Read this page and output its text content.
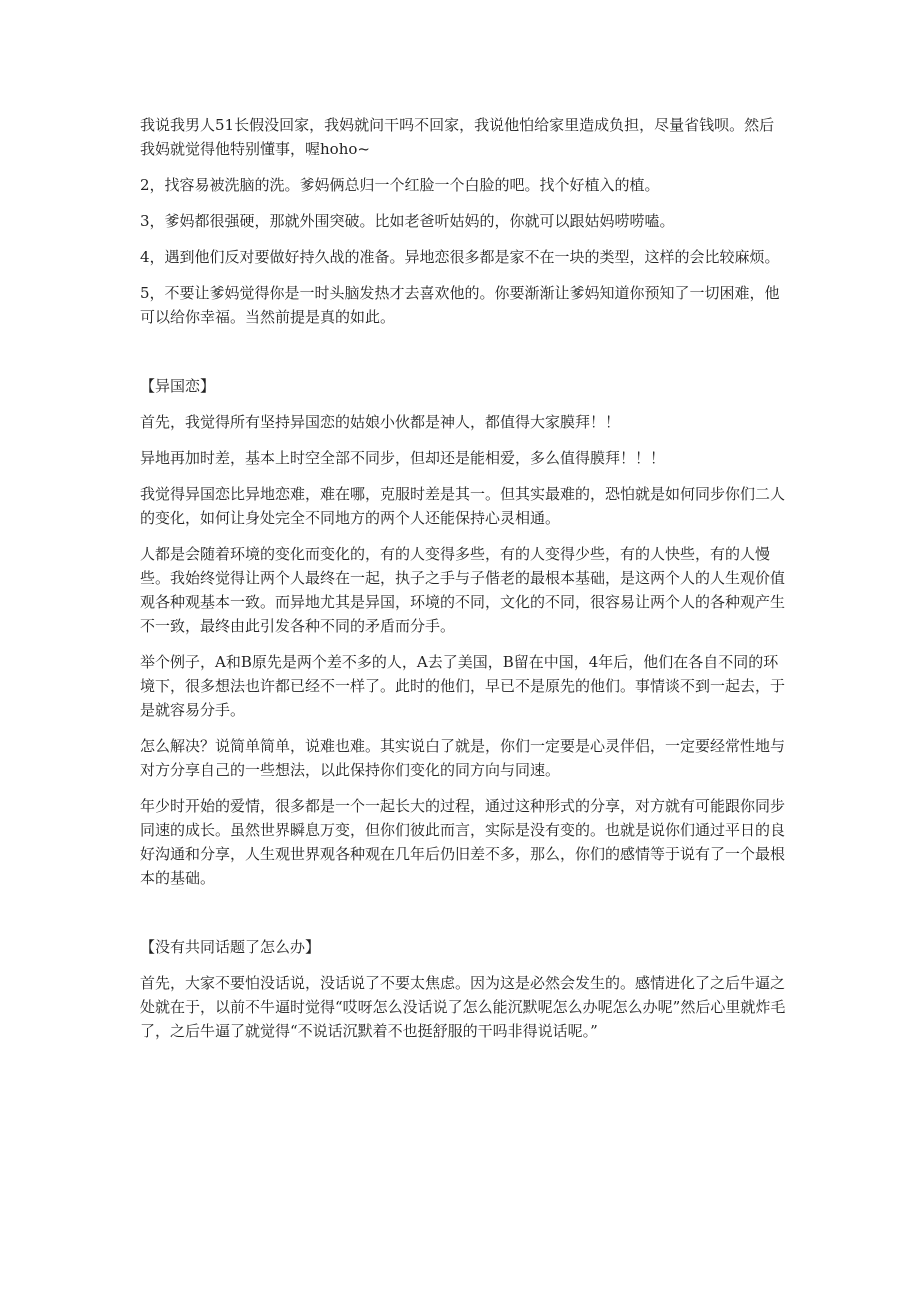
我说我男人51长假没回家，我妈就问干吗不回家，我说他怕给家里造成负担，尽量省钱呗。然后我妈就觉得他特别懂事，喔hoho~

2，找容易被洗脑的洗。爹妈俩总归一个红脸一个白脸的吧。找个好植入的植。

3，爹妈都很强硬，那就外围突破。比如老爸听姑妈的，你就可以跟姑妈唠唠嗑。

4，遇到他们反对要做好持久战的准备。异地恋很多都是家不在一块的类型，这样的会比较麻烦。

5，不要让爹妈觉得你是一时头脑发热才去喜欢他的。你要渐渐让爹妈知道你预知了一切困难，他可以给你幸福。当然前提是真的如此。

【异国恋】

首先，我觉得所有坚持异国恋的姑娘小伙都是神人，都值得大家膜拜！！

异地再加时差，基本上时空全部不同步，但却还是能相爱，多么值得膜拜！！！

我觉得异国恋比异地恋难，难在哪，克服时差是其一。但其实最难的，恐怕就是如何同步你们二人的变化，如何让身处完全不同地方的两个人还能保持心灵相通。

人都是会随着环境的变化而变化的，有的人变得多些，有的人变得少些，有的人快些，有的人慢些。我始终觉得让两个人最终在一起，执子之手与子偕老的最根本基础，是这两个人的人生观价值观各种观基本一致。而异地尤其是异国，环境的不同，文化的不同，很容易让两个人的各种观产生不一致，最终由此引发各种不同的矛盾而分手。

举个例子，A和B原先是两个差不多的人，A去了美国，B留在中国，4年后，他们在各自不同的环境下，很多想法也许都已经不一样了。此时的他们，早已不是原先的他们。事情谈不到一起去，于是就容易分手。

怎么解决？说简单简单，说难也难。其实说白了就是，你们一定要是心灵伴侣，一定要经常性地与对方分享自己的一些想法，以此保持你们变化的同方向与同速。

年少时开始的爱情，很多都是一个一起长大的过程，通过这种形式的分享，对方就有可能跟你同步同速的成长。虽然世界瞬息万变，但你们彼此而言，实际是没有变的。也就是说你们通过平日的良好沟通和分享，人生观世界观各种观在几年后仍旧差不多，那么，你们的感情等于说有了一个最根本的基础。

【没有共同话题了怎么办】

首先，大家不要怕没话说，没话说了不要太焦虑。因为这是必然会发生的。感情进化了之后牛逼之处就在于，以前不牛逼时觉得“哎呀怎么没话说了怎么能沉默呢怎么办呢怎么办呢”然后心里就炸毛了，之后牛逼了就觉得“不说话沉默着不也挺舒服的干吗非得说话呢。”
